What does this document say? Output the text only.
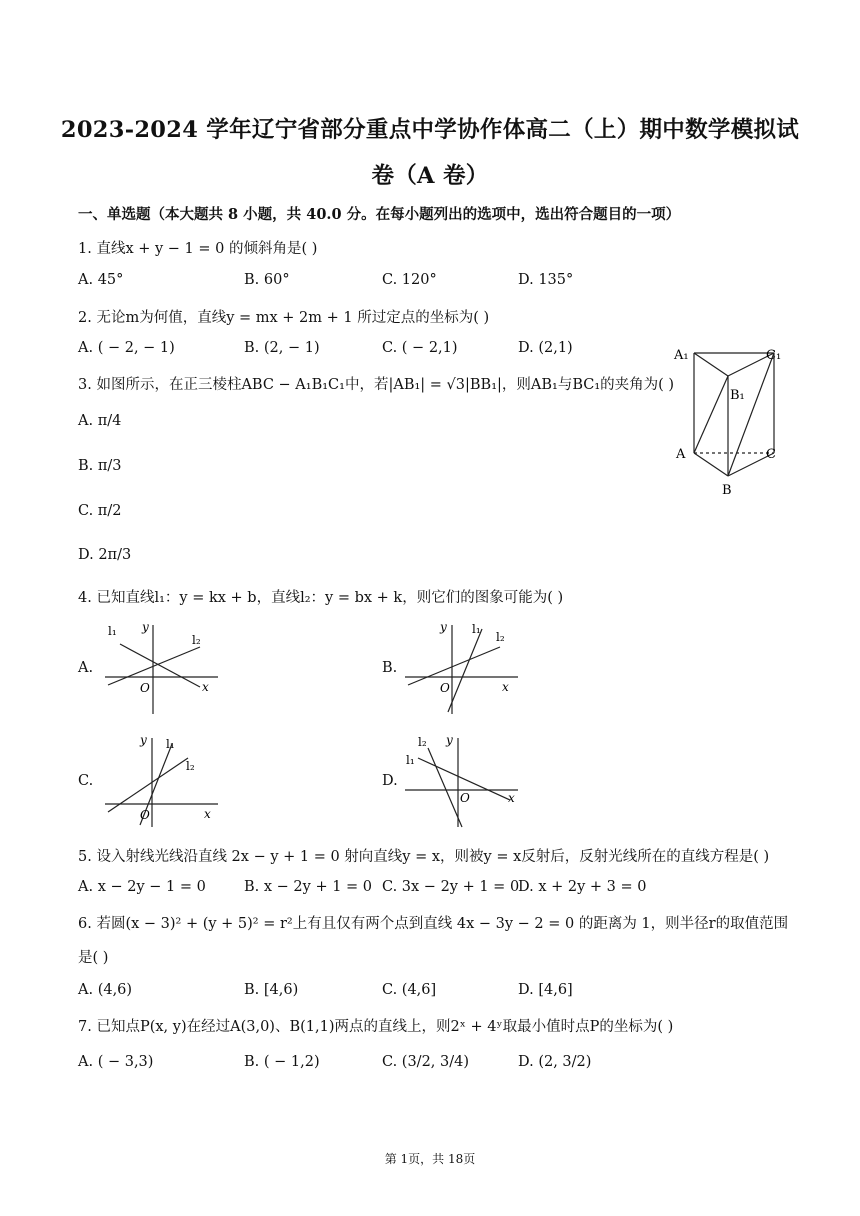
2023-2024 学年辽宁省部分重点中学协作体高二（上）期中数学模拟试
卷（A 卷）
一、单选题（本大题共 8 小题，共 40.0 分。在每小题列出的选项中，选出符合题目的一项）
1. 直线x + y − 1 = 0 的倾斜角是( )
A. 45°	B. 60°	C. 120°	D. 135°
2. 无论m为何值，直线y = mx + 2m + 1 所过定点的坐标为( )
A. ( − 2, − 1)	B. (2, − 1)	C. ( − 2,1)	D. (2,1)
3. 如图所示，在正三棱柱ABC − A₁B₁C₁中，若|AB₁| = √3|BB₁|，则AB₁与BC₁的夹角为( )
A. π/4
B. π/3
C. π/2
D. 2π/3
A₁
B₁
C₁
A
B
C
4. 已知直线l₁：y = kx + b，直线l₂：y = bx + k，则它们的图象可能为( )
A.	B.
C.	D.
l₁
l₂
y
x
O
l₁
l₂
y
x
O
l₁
l₂
y
x
O
l₂
l₁
y
x
O
5. 设入射线光线沿直线 2x − y + 1 = 0 射向直线y = x，则被y = x反射后，反射光线所在的直线方程是( )
A. x − 2y − 1 = 0	B. x − 2y + 1 = 0 C. 3x − 2y + 1 = 0
D. x + 2y + 3 = 0
6. 若圆(x − 3)² + (y + 5)² = r²上有且仅有两个点到直线 4x − 3y − 2 = 0 的距离为 1，则半径r的取值范围
是( )
A. (4,6)	B. [4,6)	C. (4,6]	D. [4,6]
7. 已知点P(x, y)在经过A(3,0)、B(1,1)两点的直线上，则2ˣ + 4ʸ取最小值时点P的坐标为( )
A. ( − 3,3)	B. ( − 1,2)	C. (3/2, 3/4)	D. (2, 3/2)
第 1页，共 18页
